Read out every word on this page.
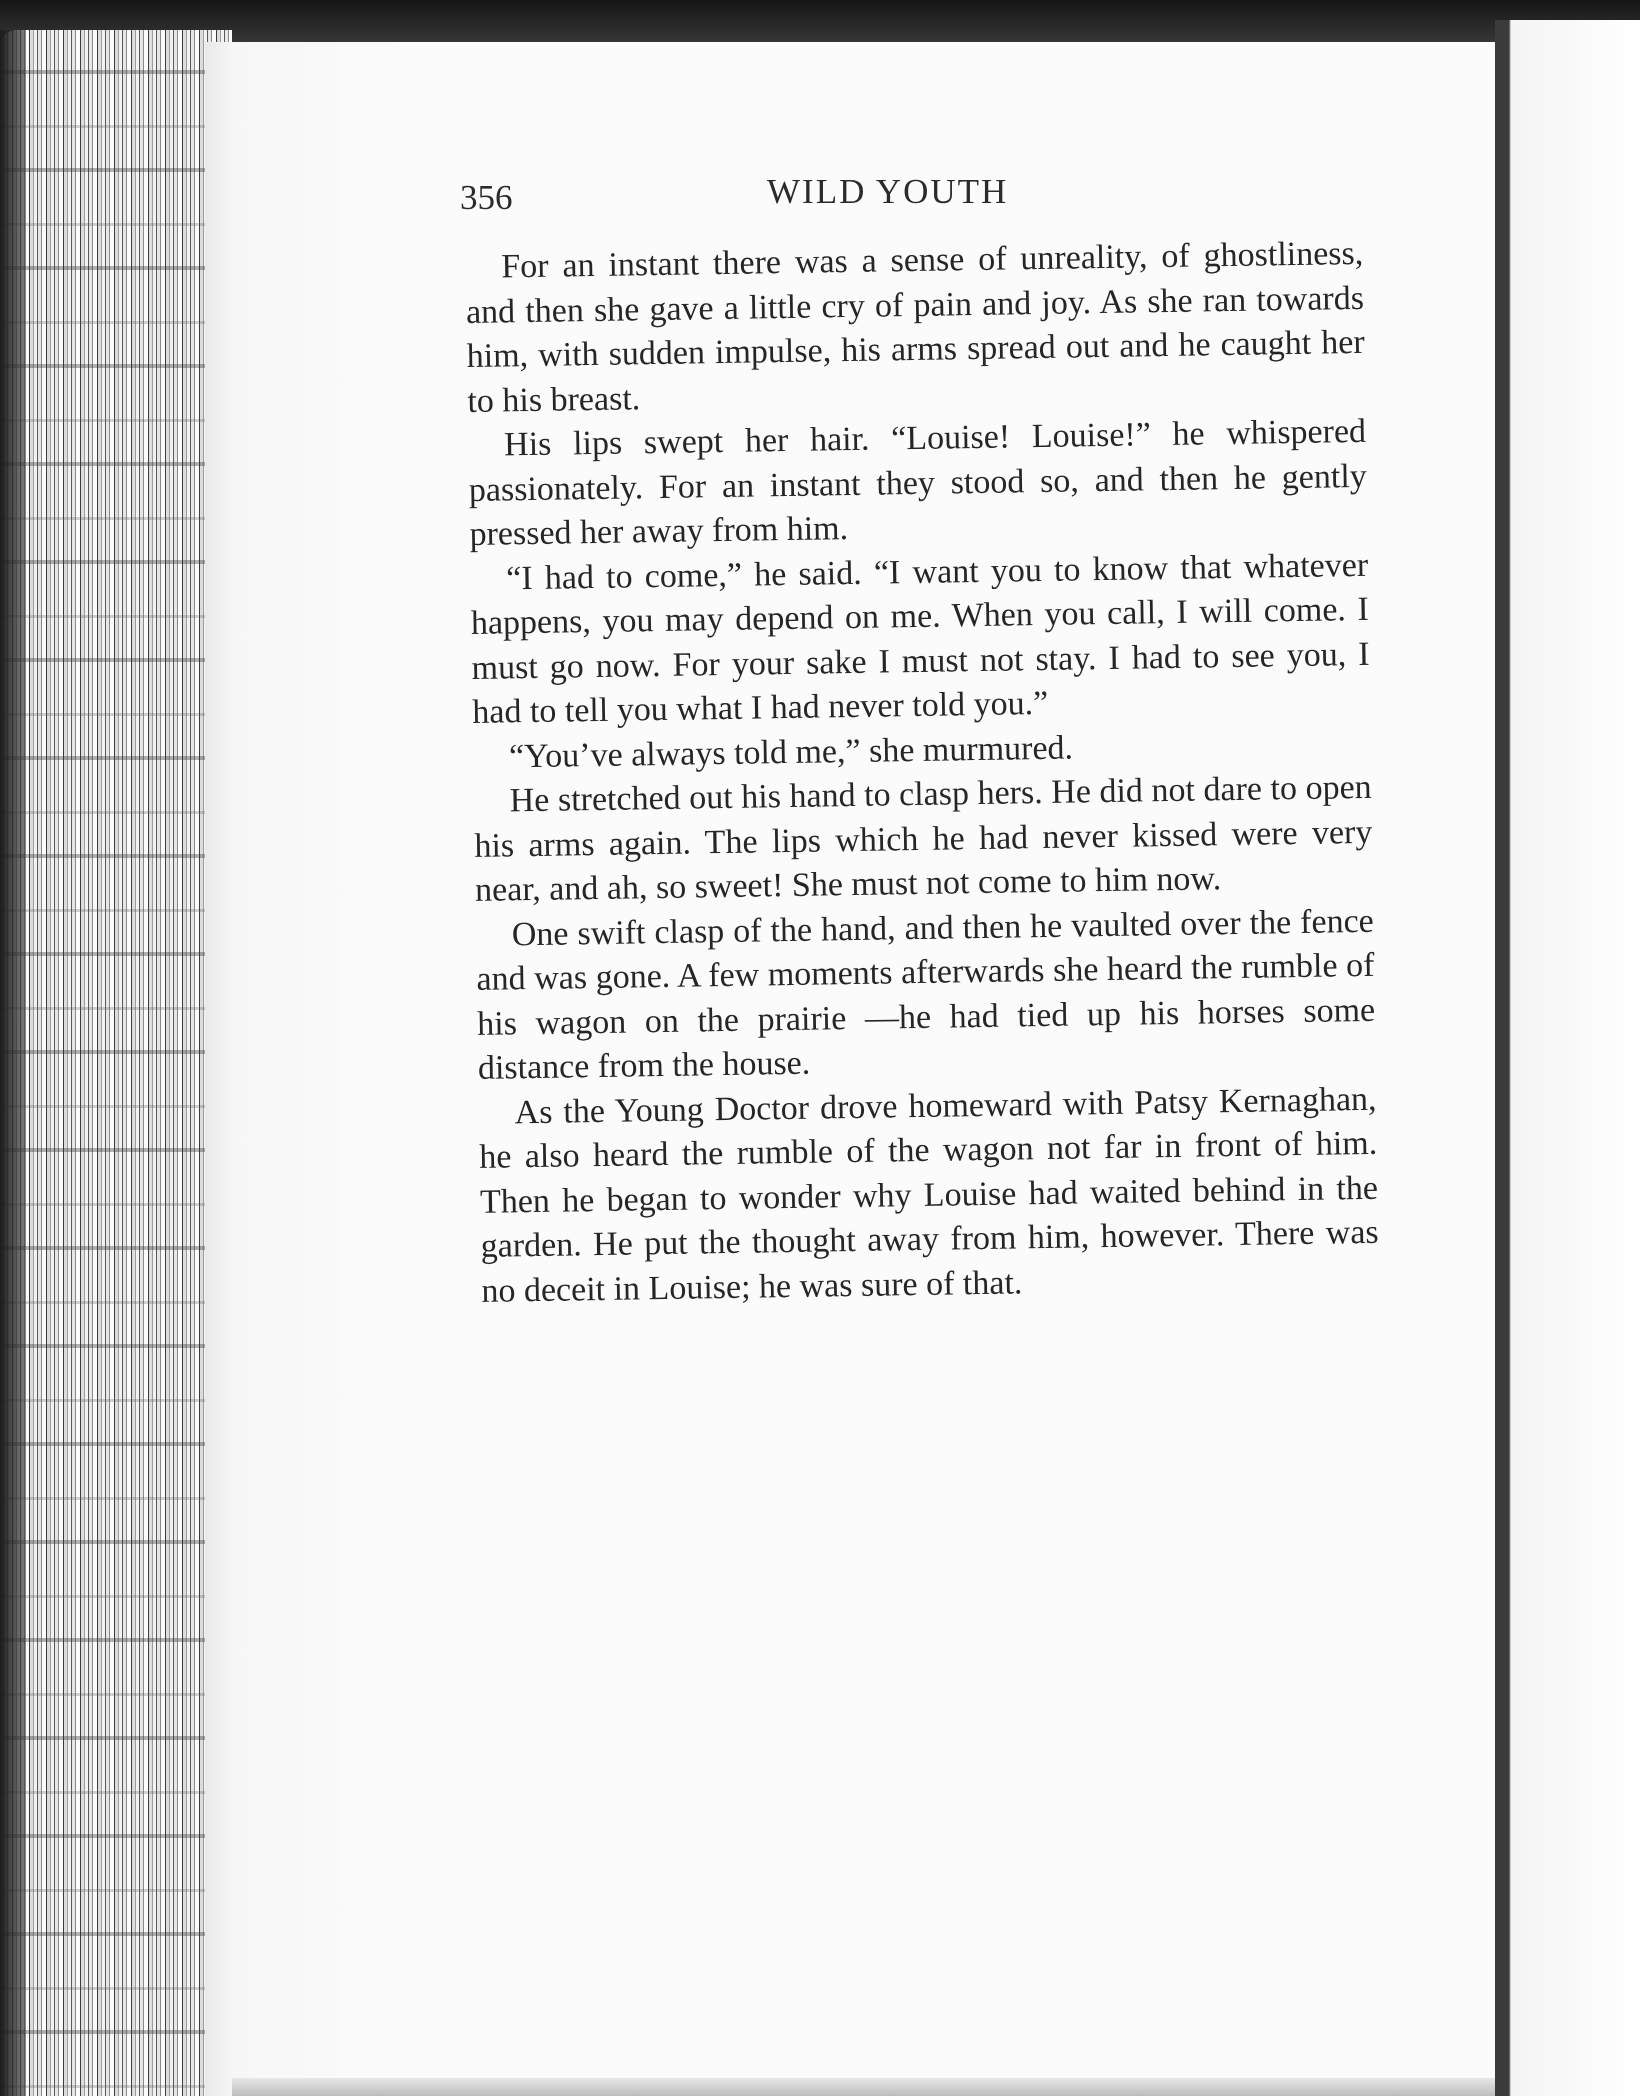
356	WILD YOUTH

For an instant there was a sense of unreality, of ghostliness, and then she gave a little cry of pain and joy. As she ran towards him, with sudden impulse, his arms spread out and he caught her to his breast.

His lips swept her hair. “Louise! Louise!” he whispered passionately. For an instant they stood so, and then he gently pressed her away from him.

“I had to come,” he said. “I want you to know that whatever happens, you may depend on me. When you call, I will come. I must go now. For your sake I must not stay. I had to see you, I had to tell you what I had never told you.”

“You’ve always told me,” she murmured.

He stretched out his hand to clasp hers. He did not dare to open his arms again. The lips which he had never kissed were very near, and ah, so sweet! She must not come to him now.

One swift clasp of the hand, and then he vaulted over the fence and was gone. A few moments afterwards she heard the rumble of his wagon on the prairie —he had tied up his horses some distance from the house.

As the Young Doctor drove homeward with Patsy Kernaghan, he also heard the rumble of the wagon not far in front of him. Then he began to wonder why Louise had waited behind in the garden. He put the thought away from him, however. There was no deceit in Louise; he was sure of that.
